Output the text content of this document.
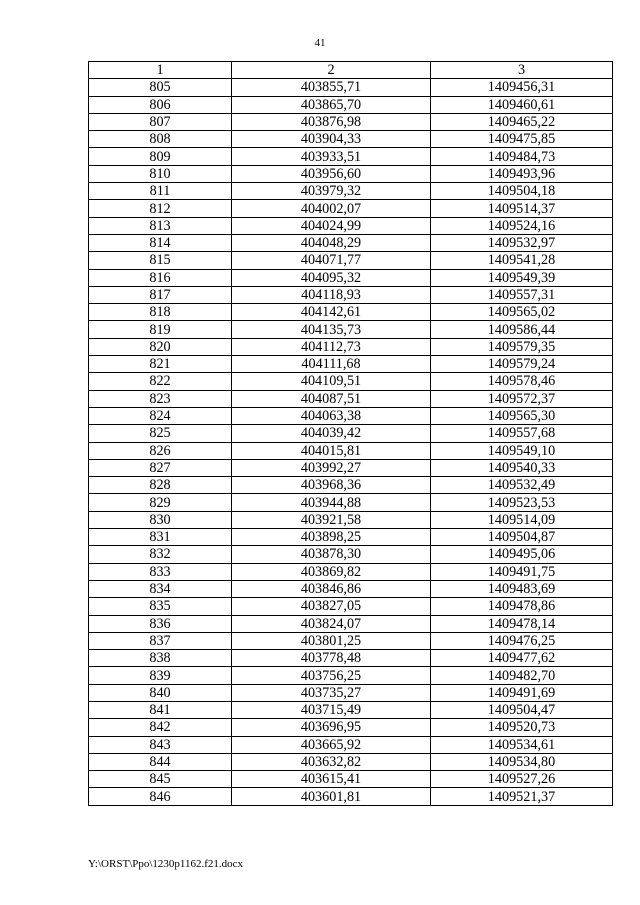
41
1	2	3
805	403855,71	1409456,31
806	403865,70	1409460,61
807	403876,98	1409465,22
808	403904,33	1409475,85
809	403933,51	1409484,73
810	403956,60	1409493,96
811	403979,32	1409504,18
812	404002,07	1409514,37
813	404024,99	1409524,16
814	404048,29	1409532,97
815	404071,77	1409541,28
816	404095,32	1409549,39
817	404118,93	1409557,31
818	404142,61	1409565,02
819	404135,73	1409586,44
820	404112,73	1409579,35
821	404111,68	1409579,24
822	404109,51	1409578,46
823	404087,51	1409572,37
824	404063,38	1409565,30
825	404039,42	1409557,68
826	404015,81	1409549,10
827	403992,27	1409540,33
828	403968,36	1409532,49
829	403944,88	1409523,53
830	403921,58	1409514,09
831	403898,25	1409504,87
832	403878,30	1409495,06
833	403869,82	1409491,75
834	403846,86	1409483,69
835	403827,05	1409478,86
836	403824,07	1409478,14
837	403801,25	1409476,25
838	403778,48	1409477,62
839	403756,25	1409482,70
840	403735,27	1409491,69
841	403715,49	1409504,47
842	403696,95	1409520,73
843	403665,92	1409534,61
844	403632,82	1409534,80
845	403615,41	1409527,26
846	403601,81	1409521,37
Y:\ORST\Ppo\1230p1162.f21.docx
